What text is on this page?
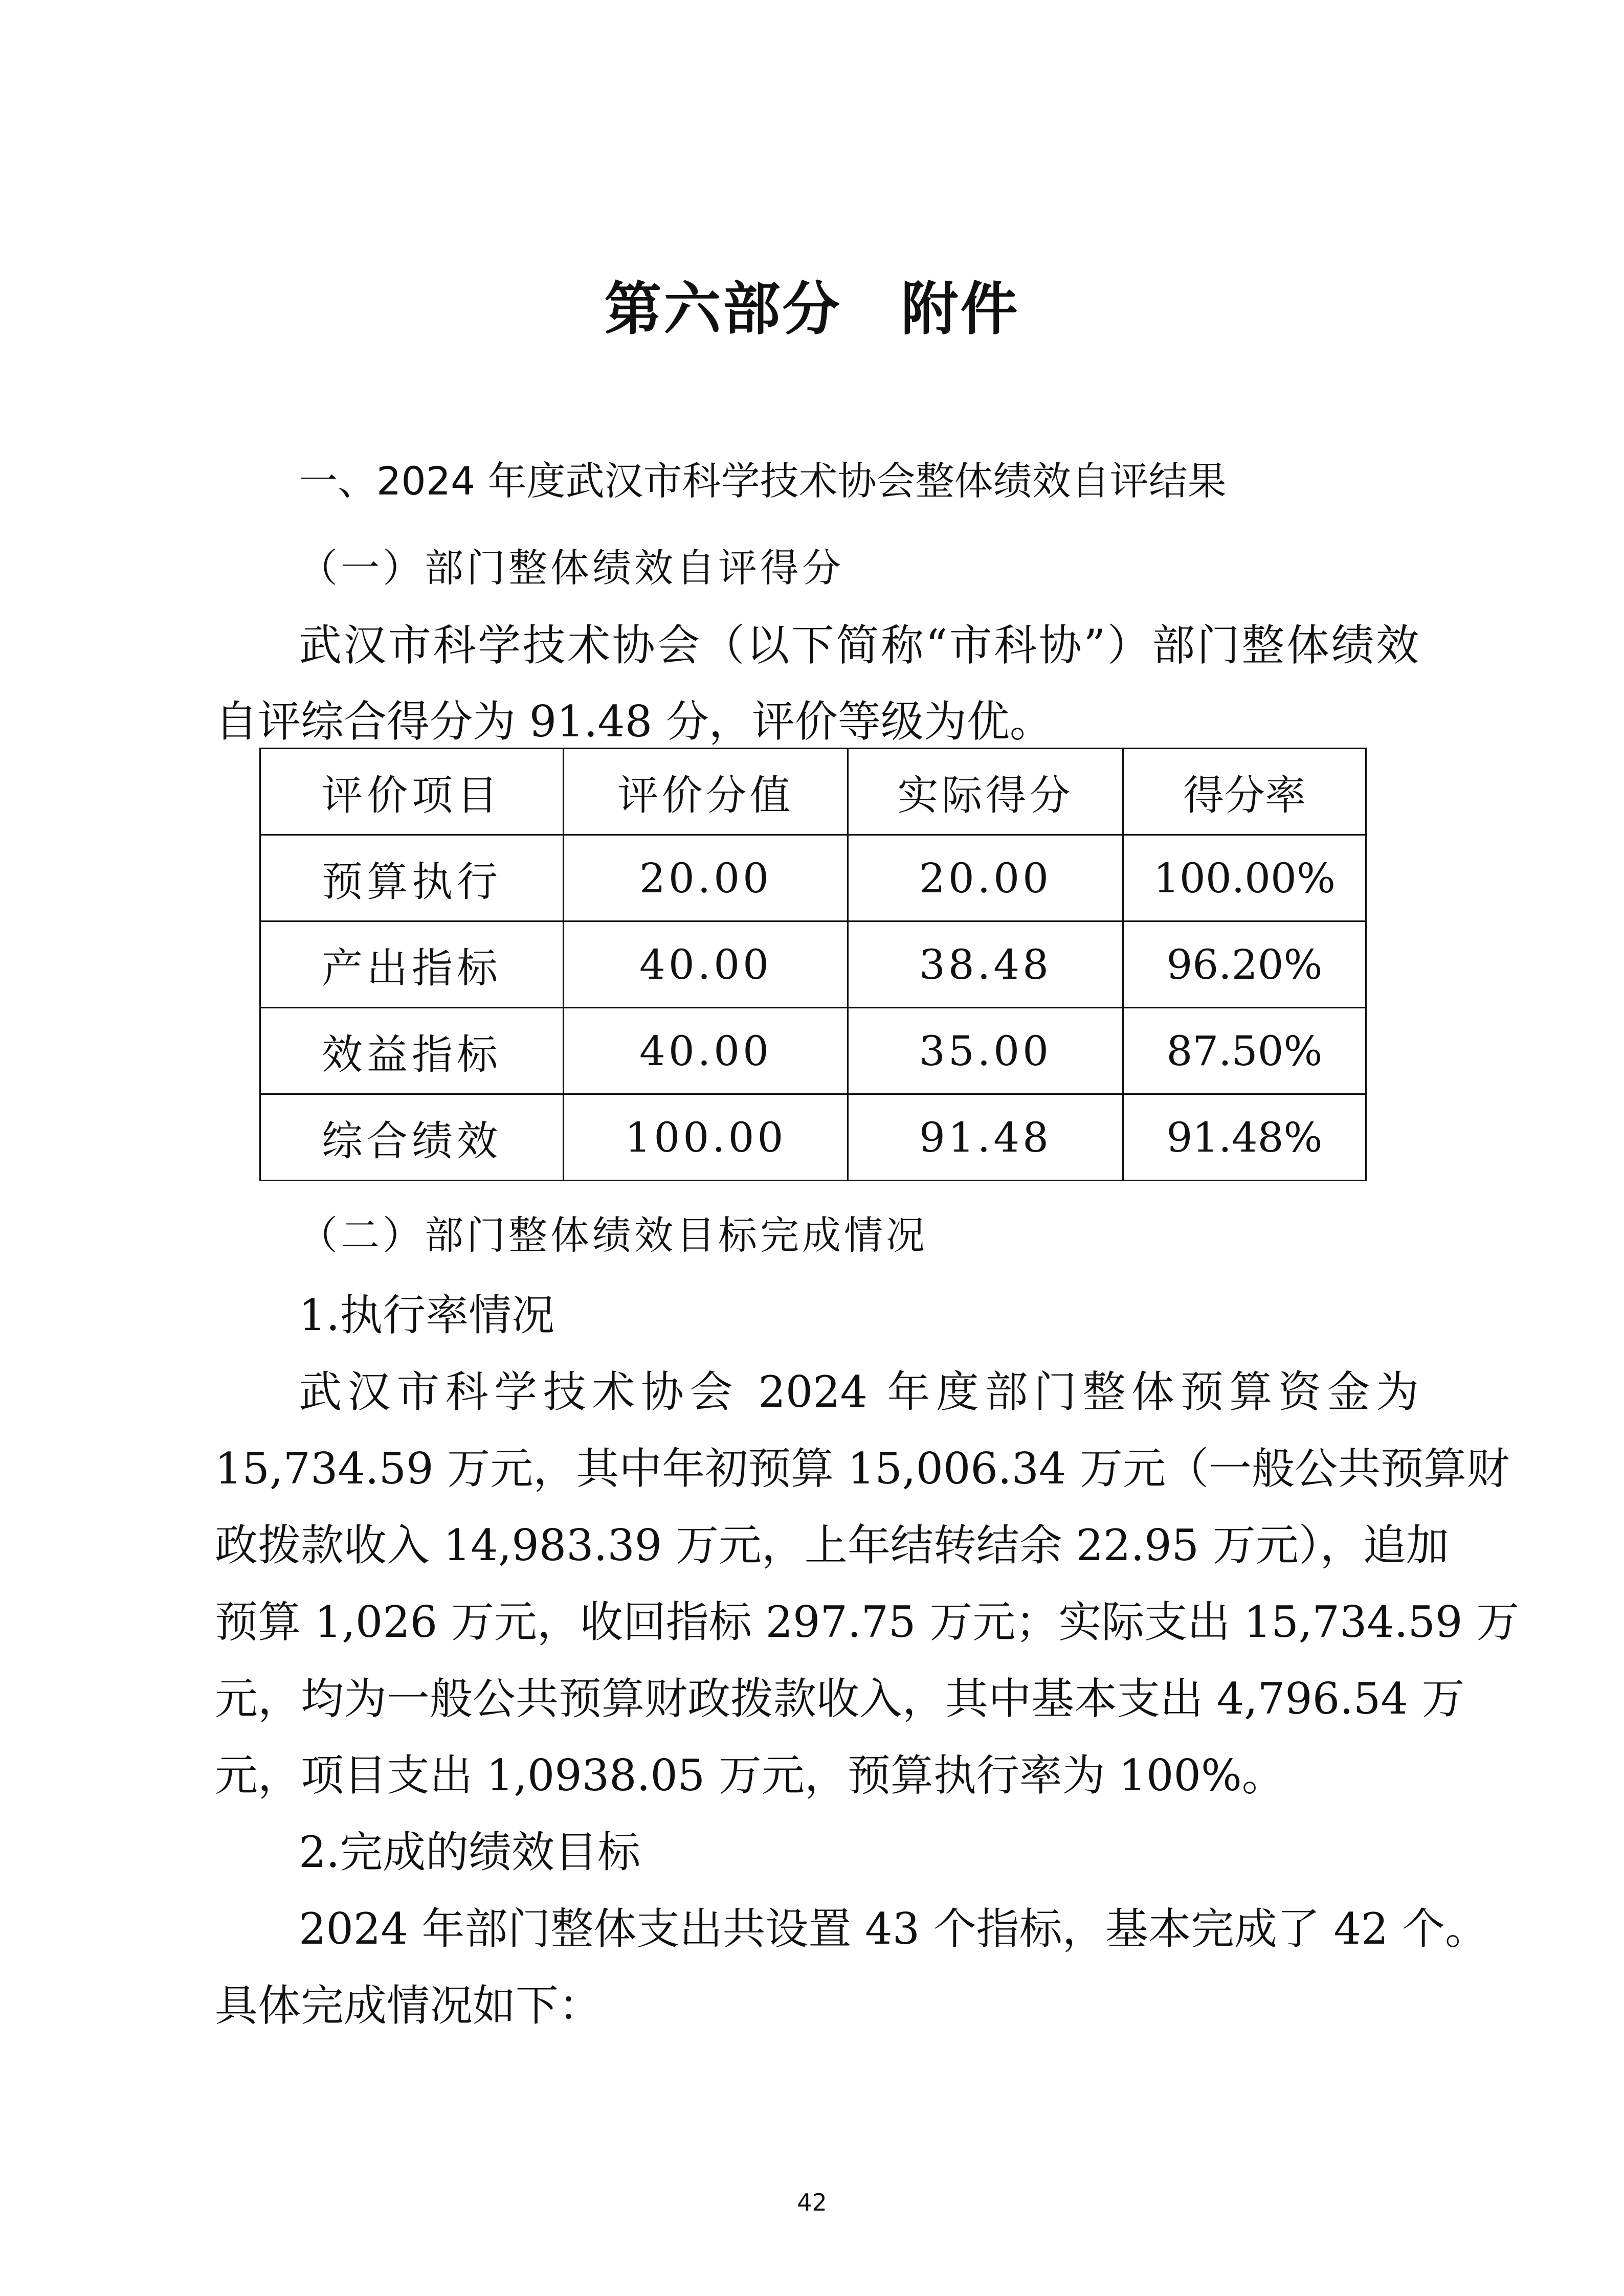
第六部分　附件
一、2024 年度武汉市科学技术协会整体绩效自评结果
（一）部门整体绩效自评得分
武汉市科学技术协会（以下简称“市科协”）部门整体绩效
自评综合得分为 91.48 分，评价等级为优。
评价项目	评价分值	实际得分	得分率
预算执行	20.00	20.00	100.00%
产出指标	40.00	38.48	96.20%
效益指标	40.00	35.00	87.50%
综合绩效	100.00	91.48	91.48%
（二）部门整体绩效目标完成情况
1.执行率情况
武汉市科学技术协会 2024 年度部门整体预算资金为
15,734.59 万元，其中年初预算 15,006.34 万元（一般公共预算财
政拨款收入 14,983.39 万元，上年结转结余 22.95 万元），追加
预算 1,026 万元，收回指标 297.75 万元；实际支出 15,734.59 万
元，均为一般公共预算财政拨款收入，其中基本支出 4,796.54 万
元，项目支出 1,0938.05 万元，预算执行率为 100%。
2.完成的绩效目标
2024 年部门整体支出共设置 43 个指标，基本完成了 42 个。
具体完成情况如下：
42
